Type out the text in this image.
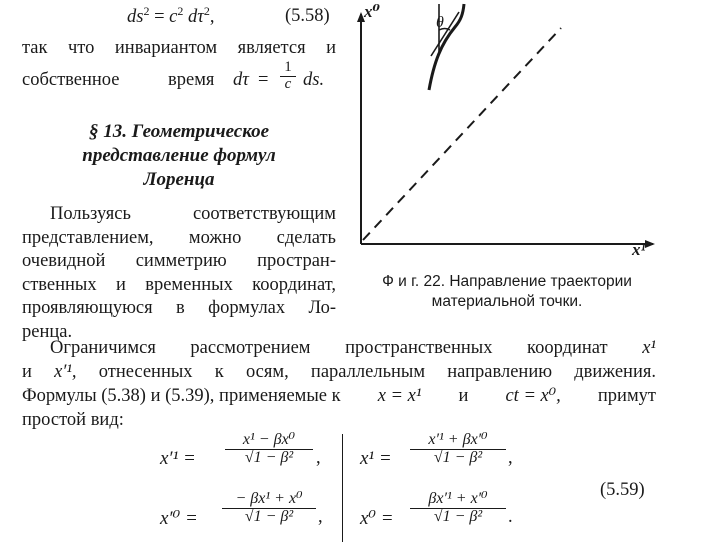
$ds^2 = c^2$ $d\tau^2$,	(5.58)
так что инвариантом является и
собственное	время $d\tau = \frac{1}{c}$ ds.
§ 13. Геометрическое
представление формул
Лоренца
Пользуясь	соответствующим
представлением, можно сделать
очевидной симметрию простран-
ственных и временных координат,
проявляющуюся в формулах Ло-
ренца.
x⁰
x¹
θ
Ф и г. 22. Направление траектории
материальной точки.
Ограничимся рассмотрением пространственных координат x¹
и x′¹, отнесенных к осям, параллельным направлению движения.
Формулы (5.38) и (5.39), применяемые к x = x¹ и ct = x⁰, примут
простой вид:
$x'^1 = \frac{\text{x¹ − βx⁰}}{\text{√1 − β²}}$ , $x^1 = \frac{\text{x′¹ + βx′⁰}}{\text{√1 − β²}}$ ,
$x'^0 = \frac{\text{− βx¹ + x⁰}}{\text{√1 − β²}}$ , $x^0 = \frac{\text{βx′¹ + x′⁰}}{\text{√1 − β²}}$ .
(5.59)
